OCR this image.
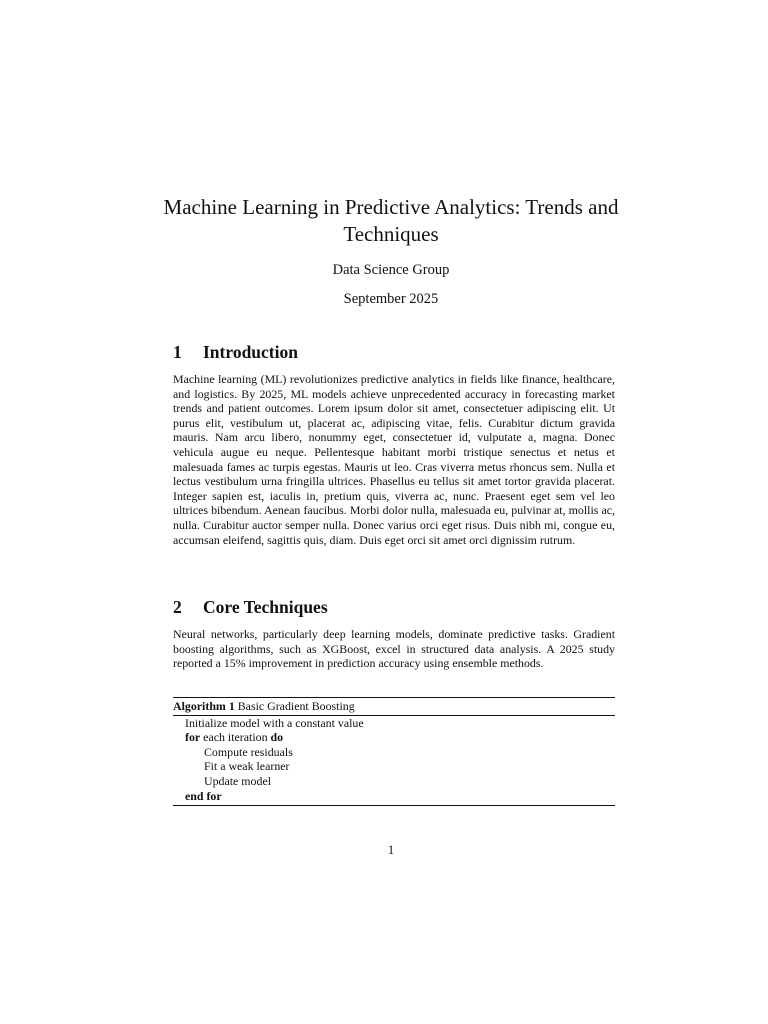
Machine Learning in Predictive Analytics: Trends and Techniques

Data Science Group

September 2025

1 Introduction

Machine learning (ML) revolutionizes predictive analytics in fields like finance, healthcare, and logistics. By 2025, ML models achieve unprecedented accuracy in forecasting market trends and patient outcomes. Lorem ipsum dolor sit amet, consectetuer adipiscing elit. Ut purus elit, vestibulum ut, placerat ac, adipiscing vitae, felis. Curabitur dictum gravida mauris. Nam arcu libero, nonummy eget, consectetuer id, vulputate a, magna. Donec vehicula augue eu neque. Pellentesque habitant morbi tristique senectus et netus et malesuada fames ac turpis egestas. Mauris ut leo. Cras viverra metus rhoncus sem. Nulla et lectus vestibulum urna fringilla ultrices. Phasellus eu tellus sit amet tortor gravida placerat. Integer sapien est, iaculis in, pretium quis, viverra ac, nunc. Praesent eget sem vel leo ultrices bibendum. Aenean faucibus. Morbi dolor nulla, malesuada eu, pulvinar at, mollis ac, nulla. Curabitur auctor semper nulla. Donec varius orci eget risus. Duis nibh mi, congue eu, accumsan eleifend, sagittis quis, diam. Duis eget orci sit amet orci dignissim rutrum.

2 Core Techniques

Neural networks, particularly deep learning models, dominate predictive tasks. Gradient boosting algorithms, such as XGBoost, excel in structured data analysis. A 2025 study reported a 15% improvement in prediction accuracy using ensemble methods.

Algorithm 1 Basic Gradient Boosting
Initialize model with a constant value
for each iteration do
Compute residuals
Fit a weak learner
Update model
end for
1
